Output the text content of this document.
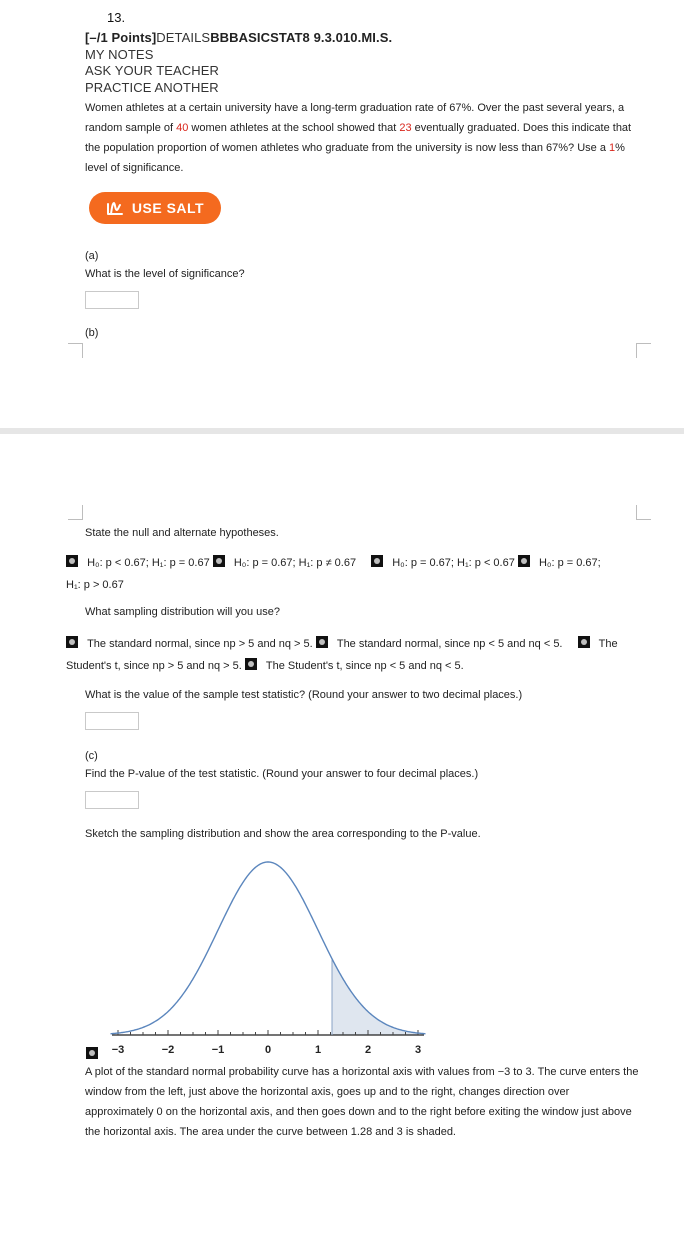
13.
[–/1 Points]DETAILSBBBASICSTAT8 9.3.010.MI.S.
MY NOTES
ASK YOUR TEACHER
PRACTICE ANOTHER
Women athletes at a certain university have a long-term graduation rate of 67%. Over the past several years, a random sample of 40 women athletes at the school showed that 23 eventually graduated. Does this indicate that the population proportion of women athletes who graduate from the university is now less than 67%? Use a 1% level of significance.
USE SALT
(a)
What is the level of significance?
(b)
State the null and alternate hypotheses.
H₀: p < 0.67; H₁: p = 0.67 H₀: p = 0.67; H₁: p ≠ 0.67	H₀: p = 0.67; H₁: p < 0.67 H₀: p = 0.67; H₁: p > 0.67
What sampling distribution will you use?
The standard normal, since np > 5 and nq > 5. The standard normal, since np < 5 and nq < 5.	The Student's t, since np > 5 and nq > 5. The Student's t, since np < 5 and nq < 5.
What is the value of the sample test statistic? (Round your answer to two decimal places.)
(c)
Find the P-value of the test statistic. (Round your answer to four decimal places.)
Sketch the sampling distribution and show the area corresponding to the P-value.
−3	−2	−1	0	1	2	3
A plot of the standard normal probability curve has a horizontal axis with values from −3 to 3. The curve enters the window from the left, just above the horizontal axis, goes up and to the right, changes direction over approximately 0 on the horizontal axis, and then goes down and to the right before exiting the window just above the horizontal axis. The area under the curve between 1.28 and 3 is shaded.
